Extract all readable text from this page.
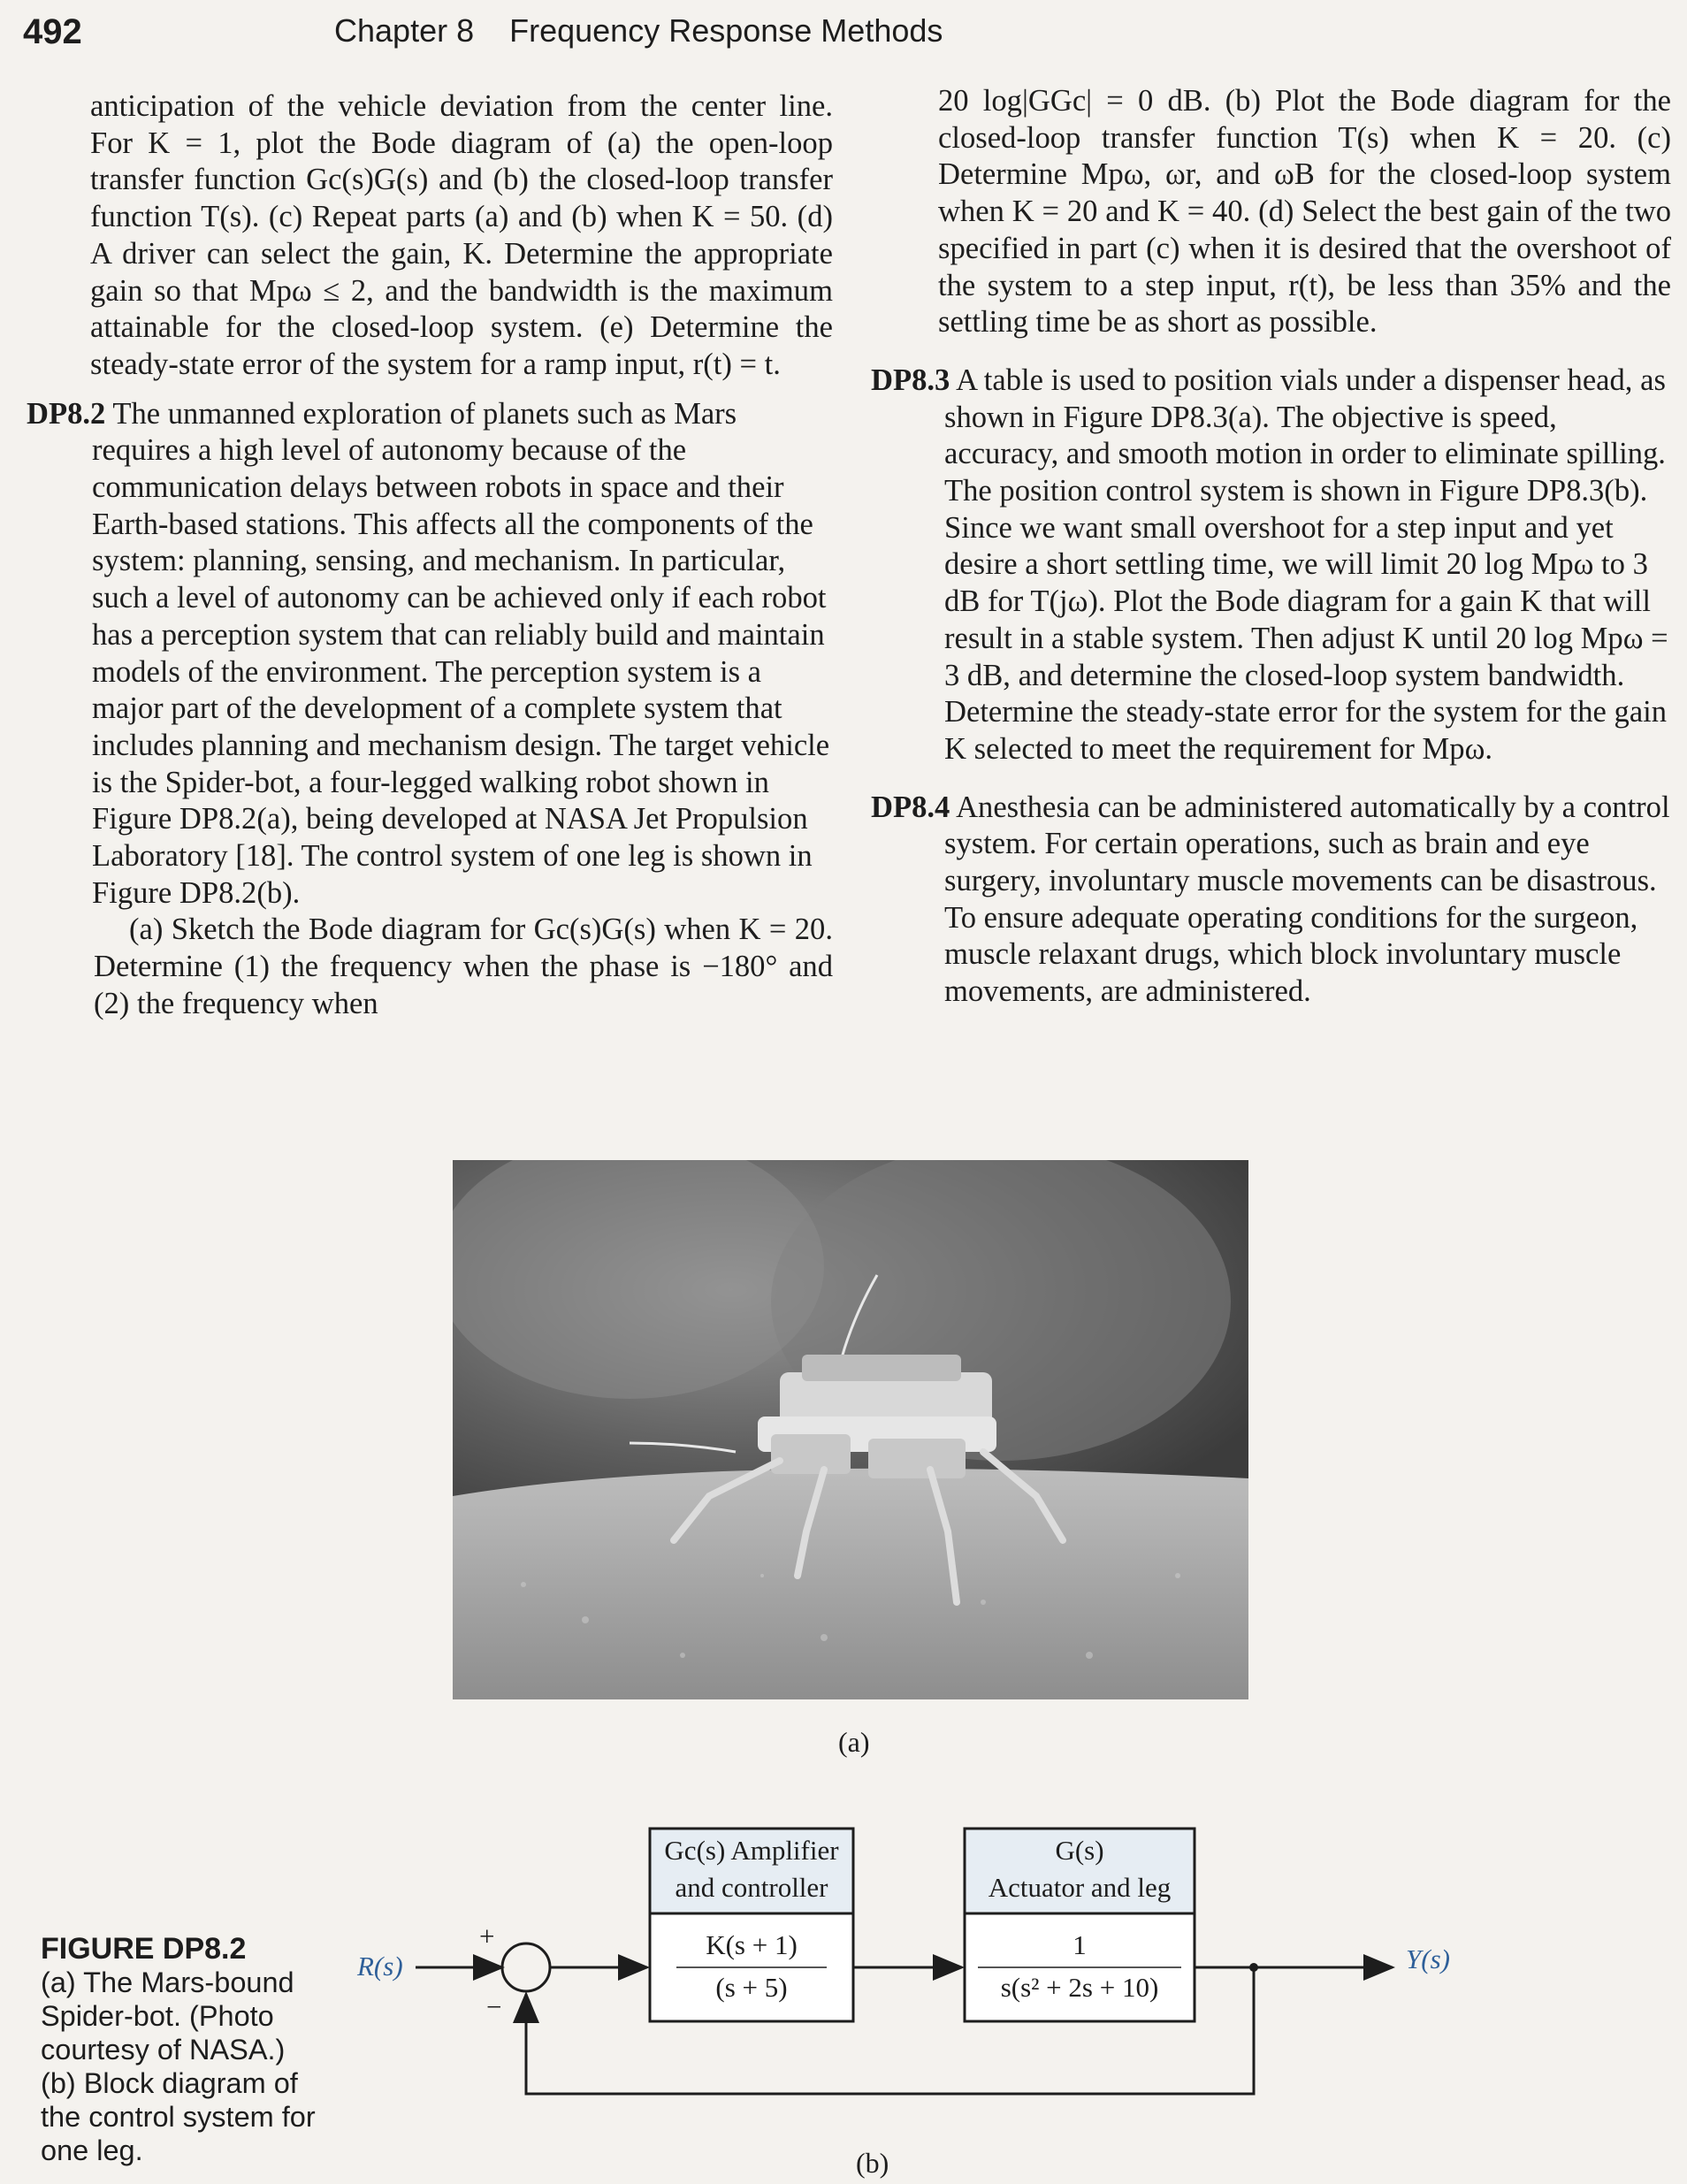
492	Chapter 8 Frequency Response Methods

anticipation of the vehicle deviation from the center line. For K = 1, plot the Bode diagram of (a) the open-loop transfer function Gc(s)G(s) and (b) the closed-loop transfer function T(s). (c) Repeat parts (a) and (b) when K = 50. (d) A driver can select the gain, K. Determine the appropriate gain so that Mpω ≤ 2, and the bandwidth is the maximum attainable for the closed-loop system. (e) Determine the steady-state error of the system for a ramp input, r(t) = t.

DP8.2 The unmanned exploration of planets such as Mars requires a high level of autonomy because of the communication delays between robots in space and their Earth-based stations. This affects all the components of the system: planning, sensing, and mechanism. In particular, such a level of autonomy can be achieved only if each robot has a perception system that can reliably build and maintain models of the environment. The perception system is a major part of the development of a complete system that includes planning and mechanism design. The target vehicle is the Spider-bot, a four-legged walking robot shown in Figure DP8.2(a), being developed at NASA Jet Propulsion Laboratory [18]. The control system of one leg is shown in Figure DP8.2(b).

(a) Sketch the Bode diagram for Gc(s)G(s) when K = 20. Determine (1) the frequency when the phase is −180° and (2) the frequency when

20 log|GGc| = 0 dB. (b) Plot the Bode diagram for the closed-loop transfer function T(s) when K = 20. (c) Determine Mpω, ωr, and ωB for the closed-loop system when K = 20 and K = 40. (d) Select the best gain of the two specified in part (c) when it is desired that the overshoot of the system to a step input, r(t), be less than 35% and the settling time be as short as possible.

DP8.3 A table is used to position vials under a dispenser head, as shown in Figure DP8.3(a). The objective is speed, accuracy, and smooth motion in order to eliminate spilling. The position control system is shown in Figure DP8.3(b). Since we want small overshoot for a step input and yet desire a short settling time, we will limit 20 log Mpω to 3 dB for T(jω). Plot the Bode diagram for a gain K that will result in a stable system. Then adjust K until 20 log Mpω = 3 dB, and determine the closed-loop system bandwidth. Determine the steady-state error for the system for the gain K selected to meet the requirement for Mpω.
DP8.4 Anesthesia can be administered automatically by a control system. For certain operations, such as brain and eye surgery, involuntary muscle movements can be disastrous. To ensure adequate operating conditions for the surgeon, muscle relaxant drugs, which block involuntary muscle movements, are administered.
(a)
FIGURE DP8.2
(a) The Mars-bound Spider-bot. (Photo courtesy of NASA.) (b) Block diagram of the control system for one leg.
R(s)	Y(s)
+
−
Gc(s) Amplifier
and controller
K(s + 1)
(s + 5)
G(s)
Actuator and leg
1
s(s² + 2s + 10)
(b)
